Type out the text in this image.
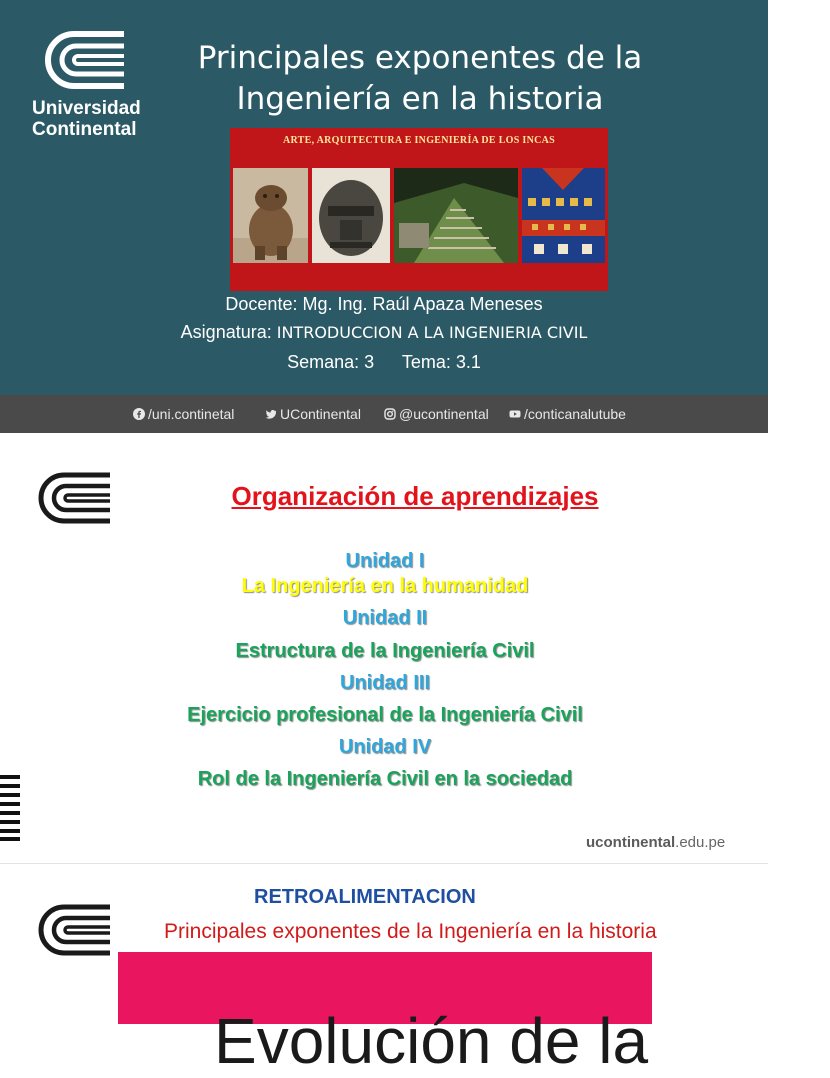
Universidad
Continental
Principales exponentes de la
Ingeniería en la historia
ARTE, ARQUITECTURA E INGENIERÍA DE LOS INCAS
Docente: Mg. Ing. Raúl Apaza Meneses
Asignatura: INTRODUCCION A LA INGENIERIA CIVIL
Semana: 3 Tema: 3.1
/uni.continetal	UContinental	@ucontinental	/conticanalutube
Organización de aprendizajes
Unidad I
La Ingeniería en la humanidad
Unidad II
Estructura de la Ingeniería Civil
Unidad III
Ejercicio profesional de la Ingeniería Civil
Unidad IV
Rol de la Ingeniería Civil en la sociedad
ucontinental.edu.pe
RETROALIMENTACION
Principales exponentes de la Ingeniería en la historia
Evolución de la
